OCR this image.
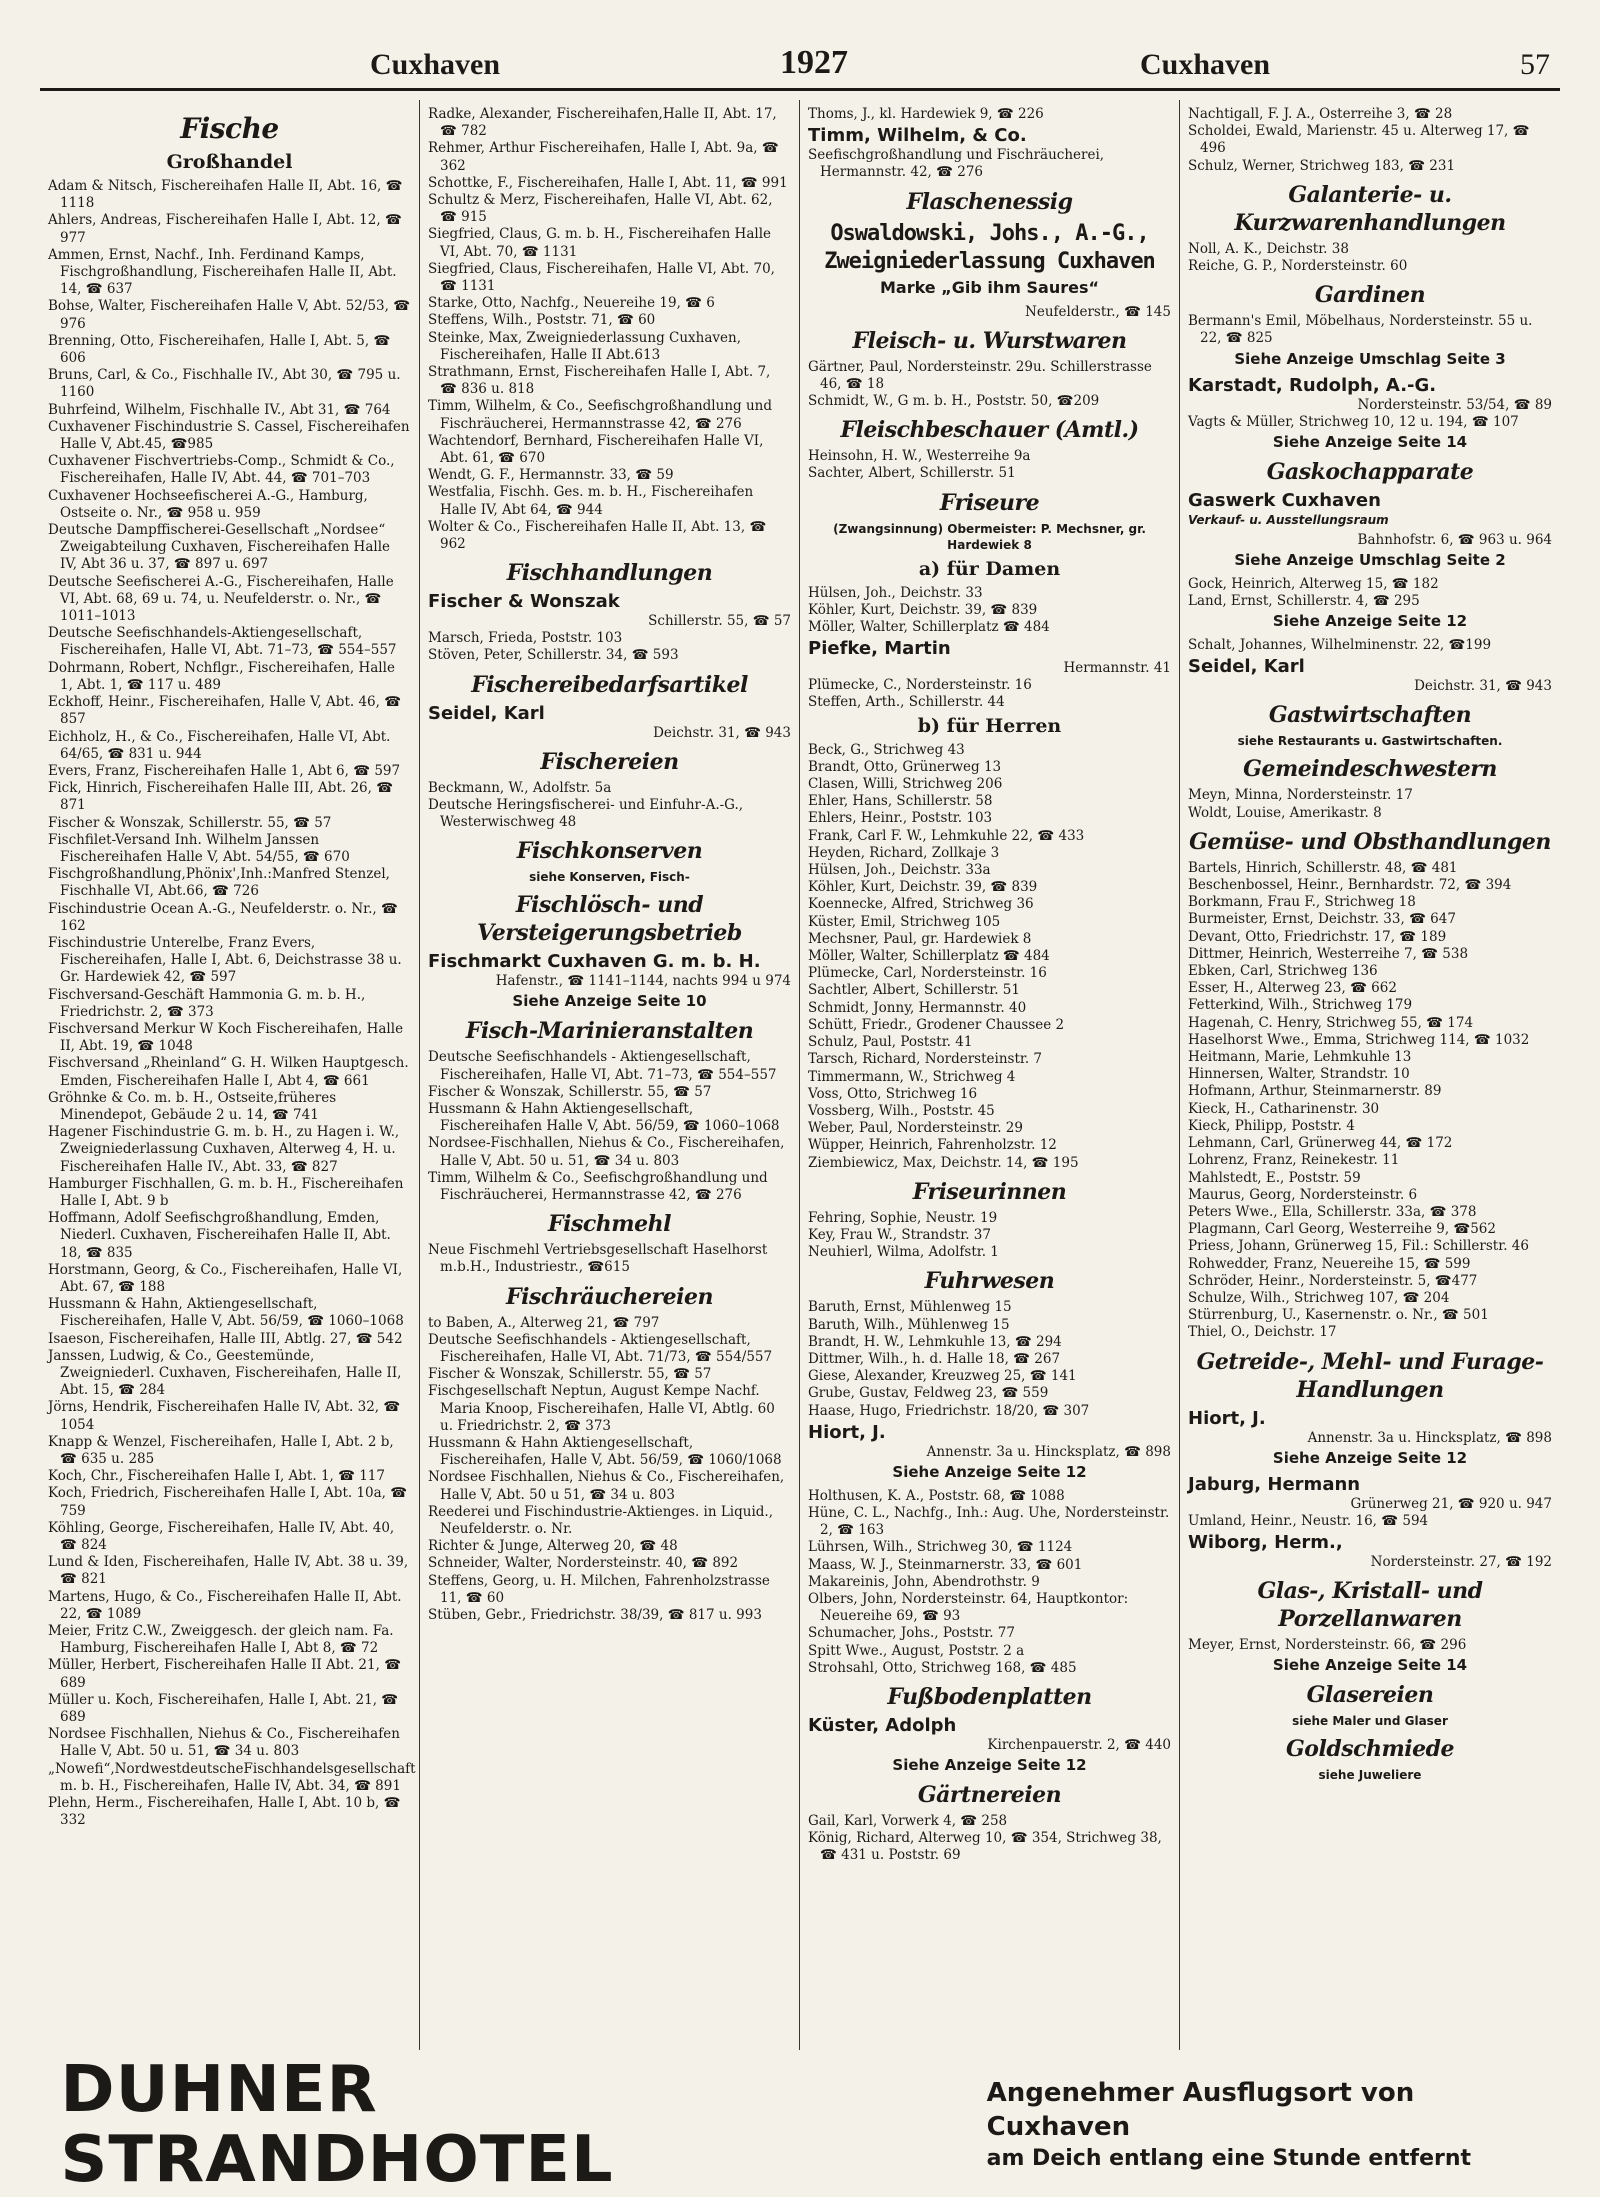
Cuxhaven	1927	Cuxhaven	57
Fische
Großhandel
Adam & Nitsch, Fischereihafen Halle II, Abt. 16, ☎ 1118
Ahlers, Andreas, Fischereihafen Halle I, Abt. 12, ☎ 977
Ammen, Ernst, Nachf., Inh. Ferdinand Kamps, Fischgroßhandlung, Fischereihafen Halle II, Abt. 14, ☎ 637
Bohse, Walter, Fischereihafen Halle V, Abt. 52/53, ☎ 976
Brenning, Otto, Fischereihafen, Halle I, Abt. 5, ☎ 606
Bruns, Carl, & Co., Fischhalle IV., Abt 30, ☎ 795 u. 1160
Buhrfeind, Wilhelm, Fischhalle IV., Abt 31, ☎ 764
Cuxhavener Fischindustrie S. Cassel, Fischereihafen Halle V, Abt.45, ☎985
Cuxhavener Fischvertriebs-Comp., Schmidt & Co., Fischereihafen, Halle IV, Abt. 44, ☎ 701–703
Cuxhavener Hochseefischerei A.-G., Hamburg, Ostseite o. Nr., ☎ 958 u. 959
Deutsche Dampffischerei-Gesellschaft „Nordsee“ Zweigabteilung Cuxhaven, Fischereihafen Halle IV, Abt 36 u. 37, ☎ 897 u. 697
Deutsche Seefischerei A.-G., Fischereihafen, Halle VI, Abt. 68, 69 u. 74, u. Neufelderstr. o. Nr., ☎ 1011–1013
Deutsche Seefischhandels-Aktiengesellschaft, Fischereihafen, Halle VI, Abt. 71–73, ☎ 554–557
Dohrmann, Robert, Nchflgr., Fischereihafen, Halle 1, Abt. 1, ☎ 117 u. 489
Eckhoff, Heinr., Fischereihafen, Halle V, Abt. 46, ☎ 857
Eichholz, H., & Co., Fischereihafen, Halle VI, Abt. 64/65, ☎ 831 u. 944
Evers, Franz, Fischereihafen Halle 1, Abt 6, ☎ 597
Fick, Hinrich, Fischereihafen Halle III, Abt. 26, ☎ 871
Fischer & Wonszak, Schillerstr. 55, ☎ 57
Fischfilet-Versand Inh. Wilhelm Janssen Fischereihafen Halle V, Abt. 54/55, ☎ 670
Fischgroßhandlung,Phönix',Inh.:Manfred Stenzel, Fischhalle VI, Abt.66, ☎ 726
Fischindustrie Ocean A.-G., Neufelderstr. o. Nr., ☎ 162
Fischindustrie Unterelbe, Franz Evers, Fischereihafen, Halle I, Abt. 6, Deichstrasse 38 u. Gr. Hardewiek 42, ☎ 597
Fischversand-Geschäft Hammonia G. m. b. H., Friedrichstr. 2, ☎ 373
Fischversand Merkur W Koch Fischereihafen, Halle II, Abt. 19, ☎ 1048
Fischversand „Rheinland“ G. H. Wilken Hauptgesch. Emden, Fischereihafen Halle I, Abt 4, ☎ 661
Gröhnke & Co. m. b. H., Ostseite,früheres Minendepot, Gebäude 2 u. 14, ☎ 741
Hagener Fischindustrie G. m. b. H., zu Hagen i. W., Zweigniederlassung Cuxhaven, Alterweg 4, H. u. Fischereihafen Halle IV., Abt. 33, ☎ 827
Hamburger Fischhallen, G. m. b. H., Fischereihafen Halle I, Abt. 9 b
Hoffmann, Adolf Seefischgroßhandlung, Emden, Niederl. Cuxhaven, Fischereihafen Halle II, Abt. 18, ☎ 835
Horstmann, Georg, & Co., Fischereihafen, Halle VI, Abt. 67, ☎ 188
Hussmann & Hahn, Aktiengesellschaft, Fischereihafen, Halle V, Abt. 56/59, ☎ 1060–1068
Isaeson, Fischereihafen, Halle III, Abtlg. 27, ☎ 542
Janssen, Ludwig, & Co., Geestemünde, Zweigniederl. Cuxhaven, Fischereihafen, Halle II, Abt. 15, ☎ 284
Jörns, Hendrik, Fischereihafen Halle IV, Abt. 32, ☎ 1054
Knapp & Wenzel, Fischereihafen, Halle I, Abt. 2 b, ☎ 635 u. 285
Koch, Chr., Fischereihafen Halle I, Abt. 1, ☎ 117
Koch, Friedrich, Fischereihafen Halle I, Abt. 10a, ☎ 759
Köhling, George, Fischereihafen, Halle IV, Abt. 40, ☎ 824
Lund & Iden, Fischereihafen, Halle IV, Abt. 38 u. 39, ☎ 821
Martens, Hugo, & Co., Fischereihafen Halle II, Abt. 22, ☎ 1089
Meier, Fritz C.W., Zweiggesch. der gleich nam. Fa. Hamburg, Fischereihafen Halle I, Abt 8, ☎ 72
Müller, Herbert, Fischereihafen Halle II Abt. 21, ☎ 689
Müller u. Koch, Fischereihafen, Halle I, Abt. 21, ☎ 689
Nordsee Fischhallen, Niehus & Co., Fischereihafen Halle V, Abt. 50 u. 51, ☎ 34 u. 803
„Nowefi“,NordwestdeutscheFischhandelsgesellschaft m. b. H., Fischereihafen, Halle IV, Abt. 34, ☎ 891
Plehn, Herm., Fischereihafen, Halle I, Abt. 10 b, ☎ 332
Radke, Alexander, Fischereihafen,Halle II, Abt. 17, ☎ 782
Rehmer, Arthur Fischereihafen, Halle I, Abt. 9a, ☎ 362
Schottke, F., Fischereihafen, Halle I, Abt. 11, ☎ 991
Schultz & Merz, Fischereihafen, Halle VI, Abt. 62, ☎ 915
Siegfried, Claus, G. m. b. H., Fischereihafen Halle VI, Abt. 70, ☎ 1131
Siegfried, Claus, Fischereihafen, Halle VI, Abt. 70, ☎ 1131
Starke, Otto, Nachfg., Neuereihe 19, ☎ 6
Steffens, Wilh., Poststr. 71, ☎ 60
Steinke, Max, Zweigniederlassung Cuxhaven, Fischereihafen, Halle II Abt.613
Strathmann, Ernst, Fischereihafen Halle I, Abt. 7, ☎ 836 u. 818
Timm, Wilhelm, & Co., Seefischgroßhandlung und Fischräucherei, Hermannstrasse 42, ☎ 276
Wachtendorf, Bernhard, Fischereihafen Halle VI, Abt. 61, ☎ 670
Wendt, G. F., Hermannstr. 33, ☎ 59
Westfalia, Fischh. Ges. m. b. H., Fischereihafen Halle IV, Abt 64, ☎ 944
Wolter & Co., Fischereihafen Halle II, Abt. 13, ☎ 962
Fischhandlungen
Fischer & Wonszak
Schillerstr. 55, ☎ 57
Marsch, Frieda, Poststr. 103
Stöven, Peter, Schillerstr. 34, ☎ 593
Fischereibedarfsartikel
Seidel, Karl
Deichstr. 31, ☎ 943
Fischereien
Beckmann, W., Adolfstr. 5a
Deutsche Heringsfischerei- und Einfuhr-A.-G., Westerwischweg 48
Fischkonserven
siehe Konserven, Fisch-
Fischlösch- und Versteigerungsbetrieb
Fischmarkt Cuxhaven G. m. b. H.
Hafenstr., ☎ 1141–1144, nachts 994 u 974
Siehe Anzeige Seite 10
Fisch-Marinieranstalten
Deutsche Seefischhandels - Aktiengesellschaft, Fischereihafen, Halle VI, Abt. 71–73, ☎ 554–557
Fischer & Wonszak, Schillerstr. 55, ☎ 57
Hussmann & Hahn Aktiengesellschaft, Fischereihafen Halle V, Abt. 56/59, ☎ 1060–1068
Nordsee-Fischhallen, Niehus & Co., Fischereihafen, Halle V, Abt. 50 u. 51, ☎ 34 u. 803
Timm, Wilhelm & Co., Seefischgroßhandlung und Fischräucherei, Hermannstrasse 42, ☎ 276
Fischmehl
Neue Fischmehl Vertriebsgesellschaft Haselhorst m.b.H., Industriestr., ☎615
Fischräuchereien
to Baben, A., Alterweg 21, ☎ 797
Deutsche Seefischhandels - Aktiengesellschaft, Fischereihafen, Halle VI, Abt. 71/73, ☎ 554/557
Fischer & Wonszak, Schillerstr. 55, ☎ 57
Fischgesellschaft Neptun, August Kempe Nachf. Maria Knoop, Fischereihafen, Halle VI, Abtlg. 60 u. Friedrichstr. 2, ☎ 373
Hussmann & Hahn Aktiengesellschaft, Fischereihafen, Halle V, Abt. 56/59, ☎ 1060/1068
Nordsee Fischhallen, Niehus & Co., Fischereihafen, Halle V, Abt. 50 u 51, ☎ 34 u. 803
Reederei und Fischindustrie-Aktienges. in Liquid., Neufelderstr. o. Nr.
Richter & Junge, Alterweg 20, ☎ 48
Schneider, Walter, Nordersteinstr. 40, ☎ 892
Steffens, Georg, u. H. Milchen, Fahrenholzstrasse 11, ☎ 60
Stüben, Gebr., Friedrichstr. 38/39, ☎ 817 u. 993
Thoms, J., kl. Hardewiek 9, ☎ 226
Timm, Wilhelm, & Co.
Seefischgroßhandlung und Fischräucherei, Hermannstr. 42, ☎ 276
Flaschenessig
Oswaldowski, Johs., A.-G., Zweigniederlassung Cuxhaven
Marke „Gib ihm Saures“
Neufelderstr., ☎ 145
Fleisch- u. Wurstwaren
Gärtner, Paul, Nordersteinstr. 29u. Schillerstrasse 46, ☎ 18
Schmidt, W., G m. b. H., Poststr. 50, ☎209
Fleischbeschauer (Amtl.)
Heinsohn, H. W., Westerreihe 9a
Sachter, Albert, Schillerstr. 51
Friseure
(Zwangsinnung) Obermeister: P. Mechsner, gr. Hardewiek 8
a) für Damen
Hülsen, Joh., Deichstr. 33
Köhler, Kurt, Deichstr. 39, ☎ 839
Möller, Walter, Schillerplatz ☎ 484
Piefke, Martin
Hermannstr. 41
Plümecke, C., Nordersteinstr. 16
Steffen, Arth., Schillerstr. 44
b) für Herren
Beck, G., Strichweg 43
Brandt, Otto, Grünerweg 13
Clasen, Willi, Strichweg 206
Ehler, Hans, Schillerstr. 58
Ehlers, Heinr., Poststr. 103
Frank, Carl F. W., Lehmkuhle 22, ☎ 433
Heyden, Richard, Zollkaje 3
Hülsen, Joh., Deichstr. 33a
Köhler, Kurt, Deichstr. 39, ☎ 839
Koennecke, Alfred, Strichweg 36
Küster, Emil, Strichweg 105
Mechsner, Paul, gr. Hardewiek 8
Möller, Walter, Schillerplatz ☎ 484
Plümecke, Carl, Nordersteinstr. 16
Sachtler, Albert, Schillerstr. 51
Schmidt, Jonny, Hermannstr. 40
Schütt, Friedr., Grodener Chaussee 2
Schulz, Paul, Poststr. 41
Tarsch, Richard, Nordersteinstr. 7
Timmermann, W., Strichweg 4
Voss, Otto, Strichweg 16
Vossberg, Wilh., Poststr. 45
Weber, Paul, Nordersteinstr. 29
Wüpper, Heinrich, Fahrenholzstr. 12
Ziembiewicz, Max, Deichstr. 14, ☎ 195
Friseurinnen
Fehring, Sophie, Neustr. 19
Key, Frau W., Strandstr. 37
Neuhierl, Wilma, Adolfstr. 1
Fuhrwesen
Baruth, Ernst, Mühlenweg 15
Baruth, Wilh., Mühlenweg 15
Brandt, H. W., Lehmkuhle 13, ☎ 294
Dittmer, Wilh., h. d. Halle 18, ☎ 267
Giese, Alexander, Kreuzweg 25, ☎ 141
Grube, Gustav, Feldweg 23, ☎ 559
Haase, Hugo, Friedrichstr. 18/20, ☎ 307
Hiort, J.
Annenstr. 3a u. Hincksplatz, ☎ 898
Siehe Anzeige Seite 12
Holthusen, K. A., Poststr. 68, ☎ 1088
Hüne, C. L., Nachfg., Inh.: Aug. Uhe, Nordersteinstr. 2, ☎ 163
Lührsen, Wilh., Strichweg 30, ☎ 1124
Maass, W. J., Steinmarnerstr. 33, ☎ 601
Makareinis, John, Abendrothstr. 9
Olbers, John, Nordersteinstr. 64, Hauptkontor: Neuereihe 69, ☎ 93
Schumacher, Johs., Poststr. 77
Spitt Wwe., August, Poststr. 2 a
Strohsahl, Otto, Strichweg 168, ☎ 485
Fußbodenplatten
Küster, Adolph
Kirchenpauerstr. 2, ☎ 440
Siehe Anzeige Seite 12
Gärtnereien
Gail, Karl, Vorwerk 4, ☎ 258
König, Richard, Alterweg 10, ☎ 354, Strichweg 38, ☎ 431 u. Poststr. 69
Nachtigall, F. J. A., Osterreihe 3, ☎ 28
Scholdei, Ewald, Marienstr. 45 u. Alterweg 17, ☎ 496
Schulz, Werner, Strichweg 183, ☎ 231
Galanterie- u. Kurzwarenhandlungen
Noll, A. K., Deichstr. 38
Reiche, G. P., Nordersteinstr. 60
Gardinen
Bermann's Emil, Möbelhaus, Nordersteinstr. 55 u. 22, ☎ 825
Siehe Anzeige Umschlag Seite 3
Karstadt, Rudolph, A.-G.
Nordersteinstr. 53/54, ☎ 89
Vagts & Müller, Strichweg 10, 12 u. 194, ☎ 107
Siehe Anzeige Seite 14
Gaskochapparate
Gaswerk Cuxhaven
Verkauf- u. Ausstellungsraum
Bahnhofstr. 6, ☎ 963 u. 964
Siehe Anzeige Umschlag Seite 2
Gock, Heinrich, Alterweg 15, ☎ 182
Land, Ernst, Schillerstr. 4, ☎ 295
Siehe Anzeige Seite 12
Schalt, Johannes, Wilhelminenstr. 22, ☎199
Seidel, Karl
Deichstr. 31, ☎ 943
Gastwirtschaften
siehe Restaurants u. Gastwirtschaften.
Gemeindeschwestern
Meyn, Minna, Nordersteinstr. 17
Woldt, Louise, Amerikastr. 8
Gemüse- und Obsthandlungen
Bartels, Hinrich, Schillerstr. 48, ☎ 481
Beschenbossel, Heinr., Bernhardstr. 72, ☎ 394
Borkmann, Frau F., Strichweg 18
Burmeister, Ernst, Deichstr. 33, ☎ 647
Devant, Otto, Friedrichstr. 17, ☎ 189
Dittmer, Heinrich, Westerreihe 7, ☎ 538
Ebken, Carl, Strichweg 136
Esser, H., Alterweg 23, ☎ 662
Fetterkind, Wilh., Strichweg 179
Hagenah, C. Henry, Strichweg 55, ☎ 174
Haselhorst Wwe., Emma, Strichweg 114, ☎ 1032
Heitmann, Marie, Lehmkuhle 13
Hinnersen, Walter, Strandstr. 10
Hofmann, Arthur, Steinmarnerstr. 89
Kieck, H., Catharinenstr. 30
Kieck, Philipp, Poststr. 4
Lehmann, Carl, Grünerweg 44, ☎ 172
Lohrenz, Franz, Reinekestr. 11
Mahlstedt, E., Poststr. 59
Maurus, Georg, Nordersteinstr. 6
Peters Wwe., Ella, Schillerstr. 33a, ☎ 378
Plagmann, Carl Georg, Westerreihe 9, ☎562
Priess, Johann, Grünerweg 15, Fil.: Schillerstr. 46
Rohwedder, Franz, Neuereihe 15, ☎ 599
Schröder, Heinr., Nordersteinstr. 5, ☎477
Schulze, Wilh., Strichweg 107, ☎ 204
Stürrenburg, U., Kasernenstr. o. Nr., ☎ 501
Thiel, O., Deichstr. 17
Getreide-, Mehl- und Furage-Handlungen
Hiort, J.
Annenstr. 3a u. Hincksplatz, ☎ 898
Siehe Anzeige Seite 12
Jaburg, Hermann
Grünerweg 21, ☎ 920 u. 947
Umland, Heinr., Neustr. 16, ☎ 594
Wiborg, Herm.,
Nordersteinstr. 27, ☎ 192
Glas-, Kristall- und Porzellanwaren
Meyer, Ernst, Nordersteinstr. 66, ☎ 296
Siehe Anzeige Seite 14
Glasereien
siehe Maler und Glaser
Goldschmiede
siehe Juweliere
DUHNER STRANDHOTEL
Angenehmer Ausflugsort von Cuxhaven
am Deich entlang eine Stunde entfernt
